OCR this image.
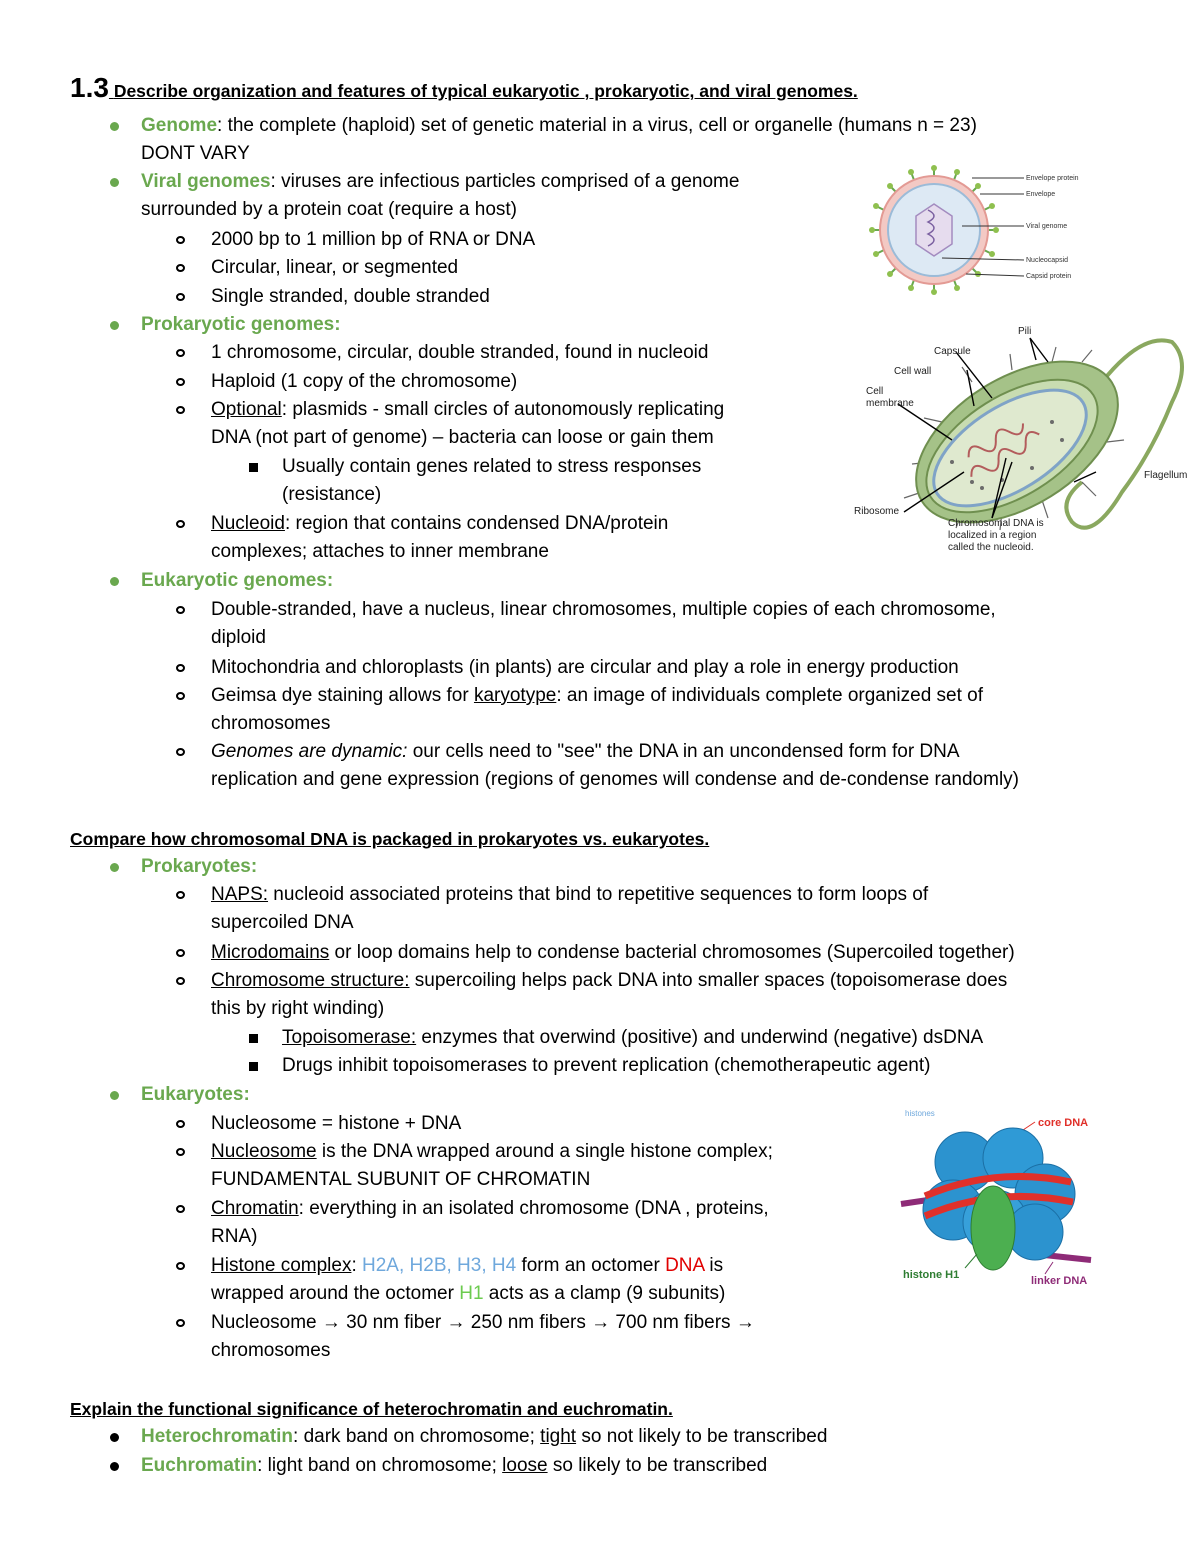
1.3 Describe organization and features of typical eukaryotic , prokaryotic, and viral genomes.
Genome: the complete (haploid) set of genetic material in a virus, cell or organelle (humans n = 23)
DONT VARY
Viral genomes: viruses are infectious particles comprised of a genome
surrounded by a protein coat (require a host)
2000 bp to 1 million bp of RNA or DNA
Circular, linear, or segmented
Single stranded, double stranded
Prokaryotic genomes:
1 chromosome, circular, double stranded, found in nucleoid
Haploid (1 copy of the chromosome)
Optional: plasmids - small circles of autonomously replicating
DNA (not part of genome) – bacteria can loose or gain them
Usually contain genes related to stress responses
(resistance)
Nucleoid: region that contains condensed DNA/protein
complexes; attaches to inner membrane
Eukaryotic genomes:
Double-stranded, have a nucleus, linear chromosomes, multiple copies of each chromosome,
diploid
Mitochondria and chloroplasts (in plants) are circular and play a role in energy production
Geimsa dye staining allows for karyotype: an image of individuals complete organized set of
chromosomes
Genomes are dynamic: our cells need to "see" the DNA in an uncondensed form for DNA
replication and gene expression (regions of genomes will condense and de-condense randomly)
Compare how chromosomal DNA is packaged in prokaryotes vs. eukaryotes.
Prokaryotes:
NAPS: nucleoid associated proteins that bind to repetitive sequences to form loops of
supercoiled DNA
Microdomains or loop domains help to condense bacterial chromosomes (Supercoiled together)
Chromosome structure: supercoiling helps pack DNA into smaller spaces (topoisomerase does
this by right winding)
Topoisomerase: enzymes that overwind (positive) and underwind (negative) dsDNA
Drugs inhibit topoisomerases to prevent replication (chemotherapeutic agent)
Eukaryotes:
Nucleosome = histone + DNA
Nucleosome is the DNA wrapped around a single histone complex;
FUNDAMENTAL SUBUNIT OF CHROMATIN
Chromatin: everything in an isolated chromosome (DNA , proteins,
RNA)
Histone complex: H2A, H2B, H3, H4 form an octomer DNA is
wrapped around the octomer H1 acts as a clamp (9 subunits)
Nucleosome → 30 nm fiber → 250 nm fibers → 700 nm fibers →
chromosomes
Explain the functional significance of heterochromatin and euchromatin.
Heterochromatin: dark band on chromosome; tight so not likely to be transcribed
Euchromatin: light band on chromosome; loose so likely to be transcribed
Envelope protein
Envelope
Viral genome
Nucleocapsid
Capsid protein
Pili
Capsule
Cell wall
Cell
membrane
Flagellum
Ribosome
Chromosomal DNA is
localized in a region
called the nucleoid.
histones
core DNA
histone H1	linker DNA
